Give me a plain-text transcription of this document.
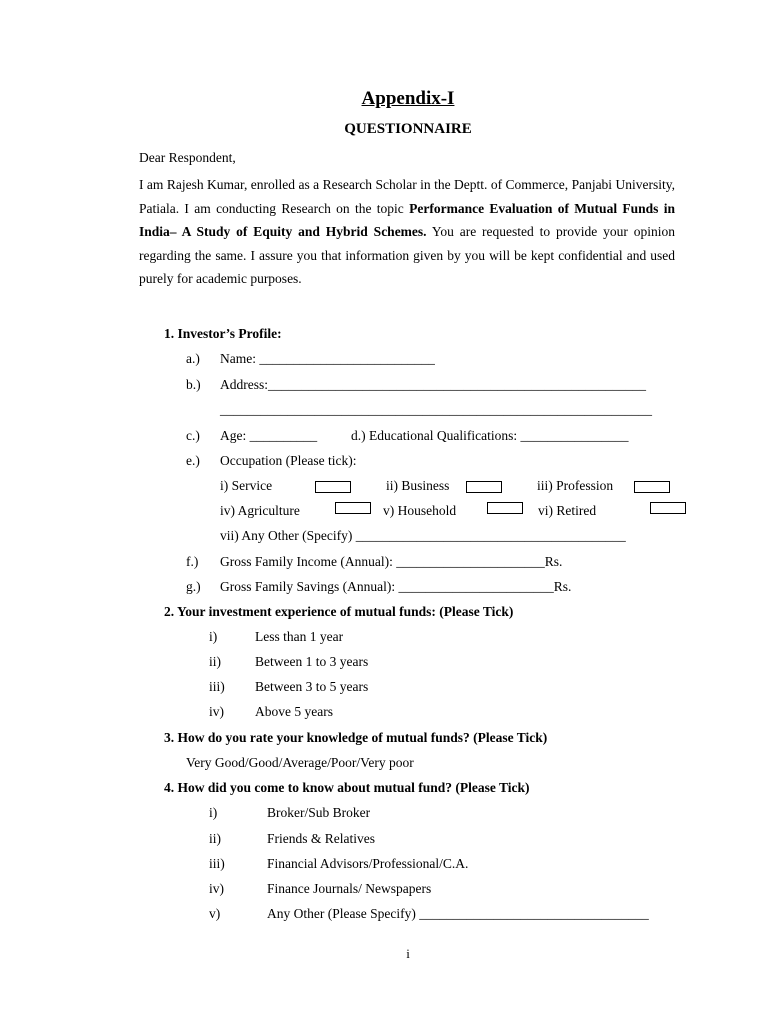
Appendix-I
QUESTIONNAIRE
Dear Respondent,
I am Rajesh Kumar, enrolled as a Research Scholar in the Deptt. of Commerce, Panjabi University, Patiala. I am conducting Research on the topic Performance Evaluation of Mutual Funds in India– A Study of Equity and Hybrid Schemes. You are requested to provide your opinion regarding the same. I assure you that information given by you will be kept confidential and used purely for academic purposes.
1. Investor’s Profile:
a.) Name: __________________________
b.) Address:________________________________________________________
________________________________________________________________
c.) Age: __________	d.) Educational Qualifications: ________________
e.) Occupation (Please tick):
i) Service	ii) Business	iii) Profession
iv) Agriculture	v) Household	vi) Retired
vii) Any Other (Specify) ________________________________________
f.) Gross Family Income (Annual): ______________________Rs.
g.) Gross Family Savings (Annual): _______________________Rs.
2. Your investment experience of mutual funds: (Please Tick)
i)	Less than 1 year
ii)	Between 1 to 3 years
iii) Between 3 to 5 years
iv) Above 5 years
3. How do you rate your knowledge of mutual funds? (Please Tick)
Very Good/Good/Average/Poor/Very poor
4. How did you come to know about mutual fund? (Please Tick)
i)	Broker/Sub Broker
ii)	Friends & Relatives
iii)	Financial Advisors/Professional/C.A.
iv)	Finance Journals/ Newspapers
v)	Any Other (Please Specify) __________________________________
i
